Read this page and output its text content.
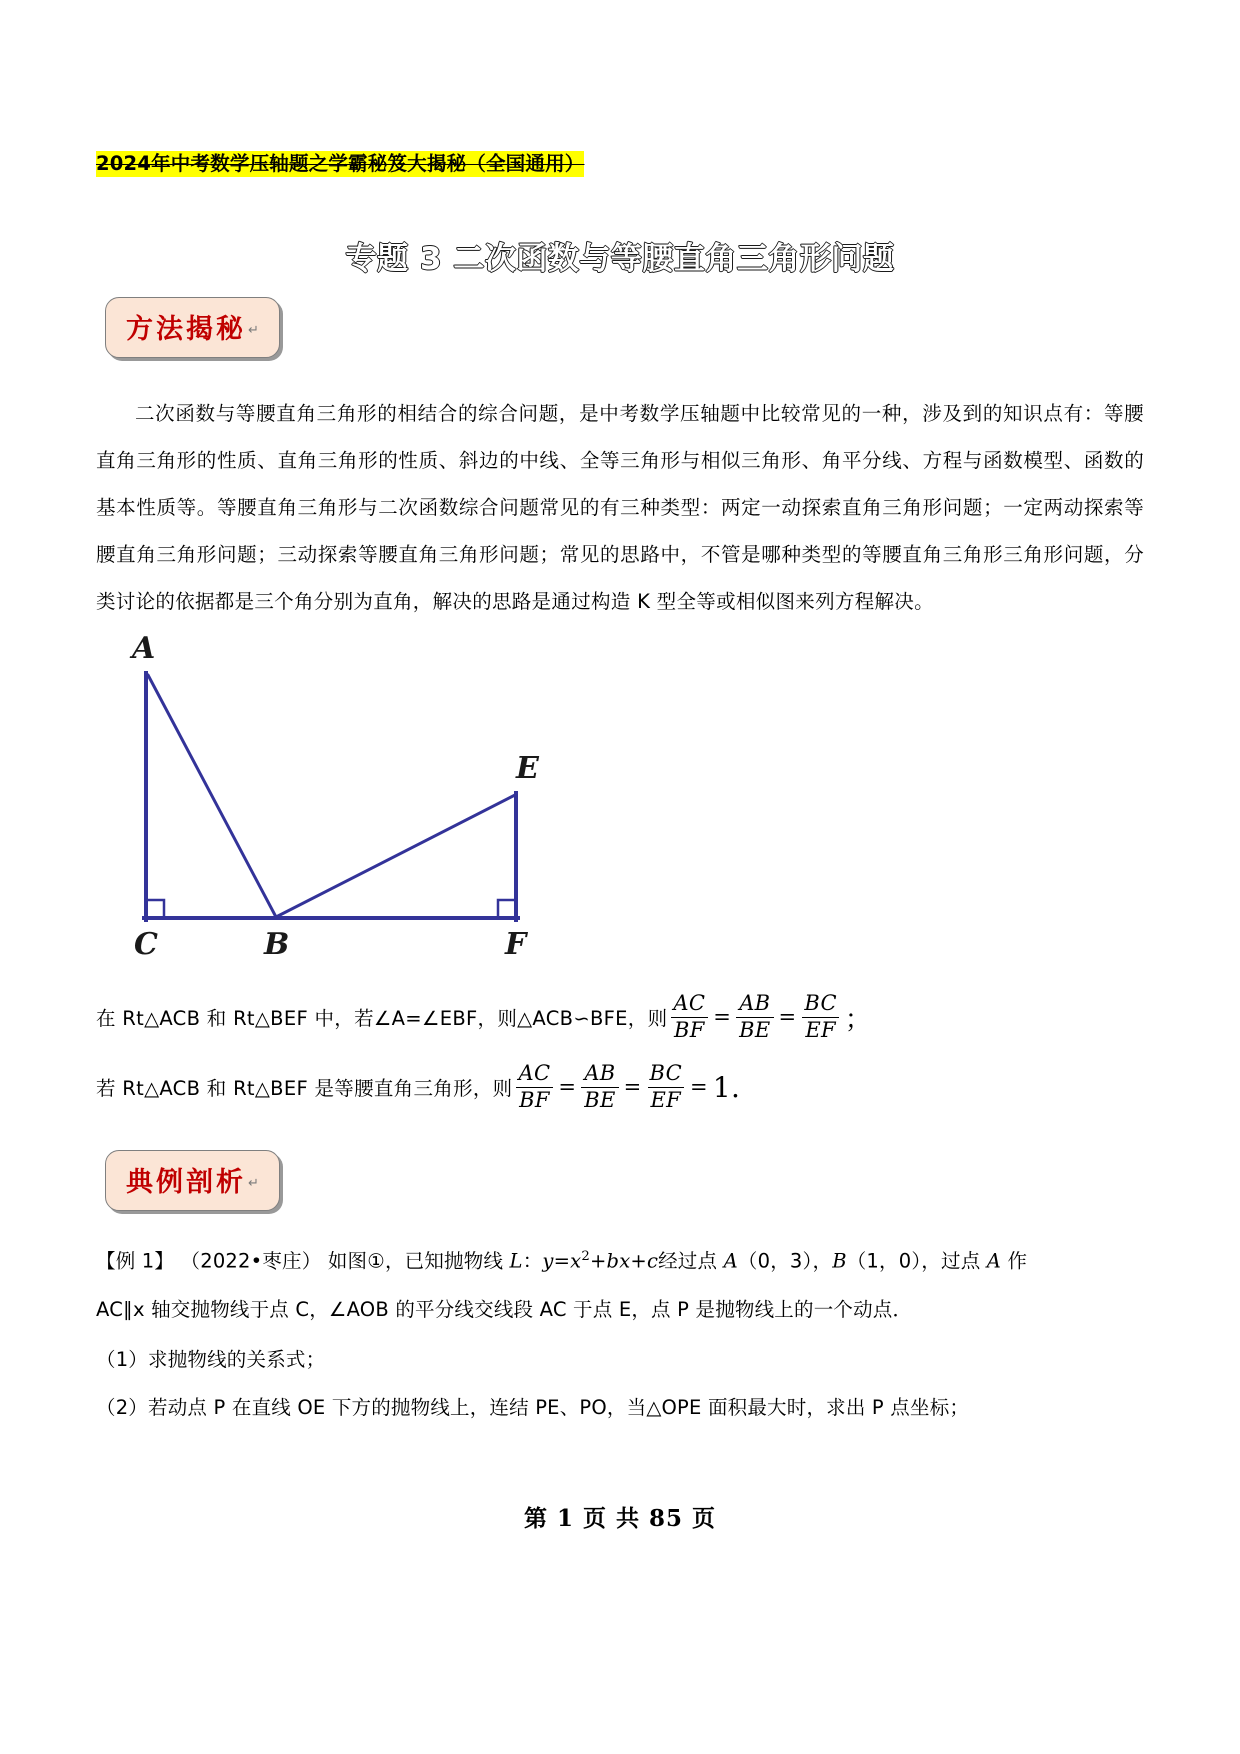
2024年中考数学压轴题之学霸秘笈大揭秘（全国通用）
专题 3 二次函数与等腰直角三角形问题
方法揭秘 ↵

二次函数与等腰直角三角形的相结合的综合问题，是中考数学压轴题中比较常见的一种，涉及到的知识点有：等腰直角三角形的性质、直角三角形的性质、斜边的中线、全等三角形与相似三角形、角平分线、方程与函数模型、函数的基本性质等。等腰直角三角形与二次函数综合问题常见的有三种类型：两定一动探索直角三角形问题；一定两动探索等腰直角三角形问题；三动探索等腰直角三角形问题；常见的思路中，不管是哪种类型的等腰直角三角形三角形问题，分类讨论的依据都是三个角分别为直角，解决的思路是通过构造 K 型全等或相似图来列方程解决。

A
E
C	B	F
在 Rt△ACB 和 Rt△BEF 中，若∠A=∠EBF，则△ACB∽BFE，则 $\frac{AC}{BF} = \frac{AB}{BE} = \frac{BC}{EF}$ ；
若 Rt△ACB 和 Rt△BEF 是等腰直角三角形，则 $\frac{AC}{BF} = \frac{AB}{BE} = \frac{BC}{EF} = 1$.
典例剖析 ↵
【例 1】 （2022•枣庄） 如图①，已知抛物线 L：$y=x^2+bx+c$经过点 A（0，3），B（1，0），过点 A 作
AC∥x 轴交抛物线于点 C，∠AOB 的平分线交线段 AC 于点 E，点 P 是抛物线上的一个动点．
（1）求抛物线的关系式；
（2）若动点 P 在直线 OE 下方的抛物线上，连结 PE、PO，当△OPE 面积最大时，求出 P 点坐标；
第 1 页 共 85 页
